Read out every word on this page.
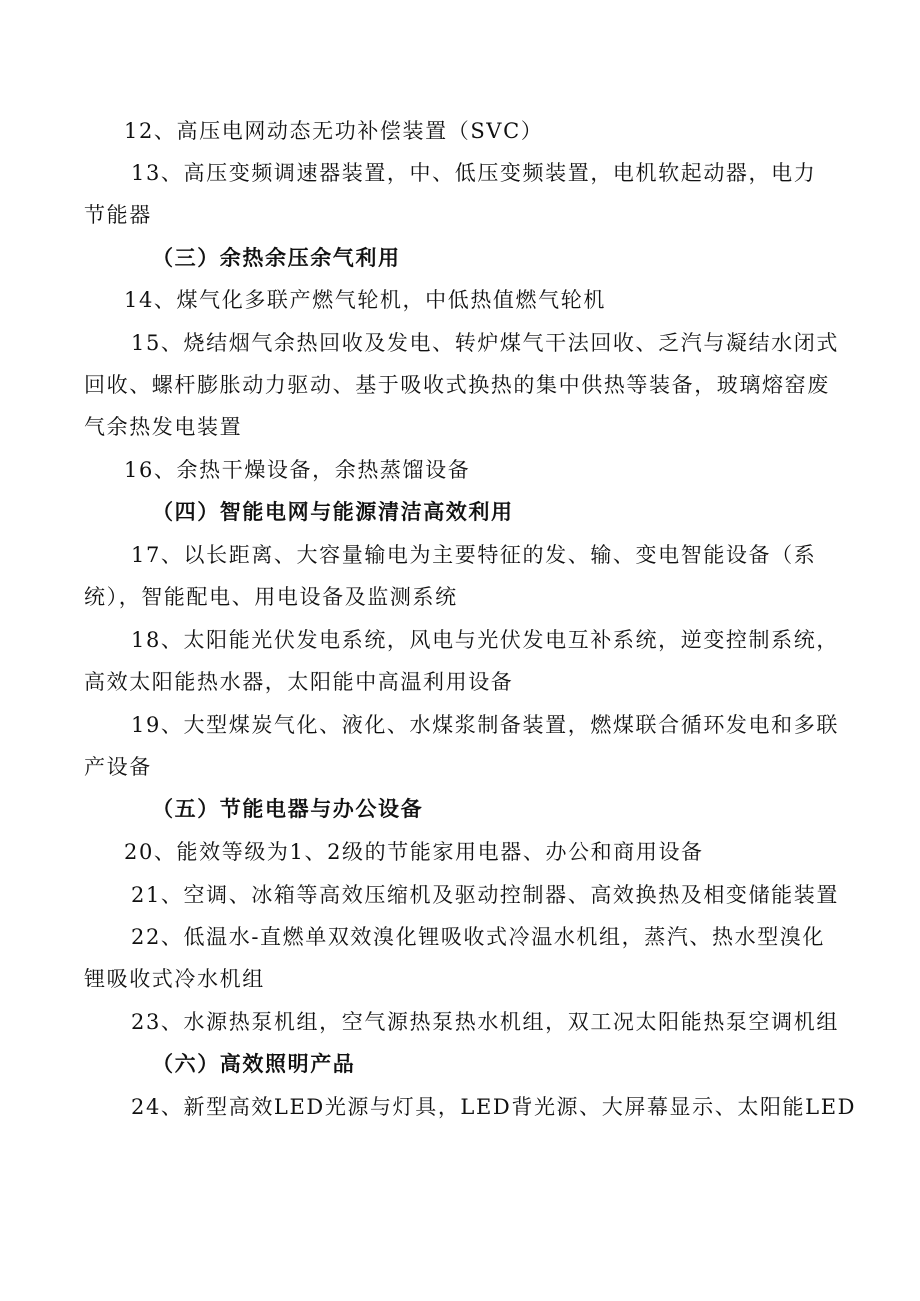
12、高压电网动态无功补偿装置（SVC）
13、高压变频调速器装置，中、低压变频装置，电机软起动器，电力
节能器
（三）余热余压余气利用
14、煤气化多联产燃气轮机，中低热值燃气轮机
15、烧结烟气余热回收及发电、转炉煤气干法回收、乏汽与凝结水闭式
回收、螺杆膨胀动力驱动、基于吸收式换热的集中供热等装备，玻璃熔窑废
气余热发电装置
16、余热干燥设备，余热蒸馏设备
（四）智能电网与能源清洁高效利用
17、以长距离、大容量输电为主要特征的发、输、变电智能设备（系
统），智能配电、用电设备及监测系统
18、太阳能光伏发电系统，风电与光伏发电互补系统，逆变控制系统，
高效太阳能热水器，太阳能中高温利用设备
19、大型煤炭气化、液化、水煤浆制备装置，燃煤联合循环发电和多联
产设备
（五）节能电器与办公设备
20、能效等级为1、2级的节能家用电器、办公和商用设备
21、空调、冰箱等高效压缩机及驱动控制器、高效换热及相变储能装置
22、低温水-直燃单双效溴化锂吸收式冷温水机组，蒸汽、热水型溴化
锂吸收式冷水机组
23、水源热泵机组，空气源热泵热水机组，双工况太阳能热泵空调机组
（六）高效照明产品
24、新型高效LED光源与灯具，LED背光源、大屏幕显示、太阳能LED
